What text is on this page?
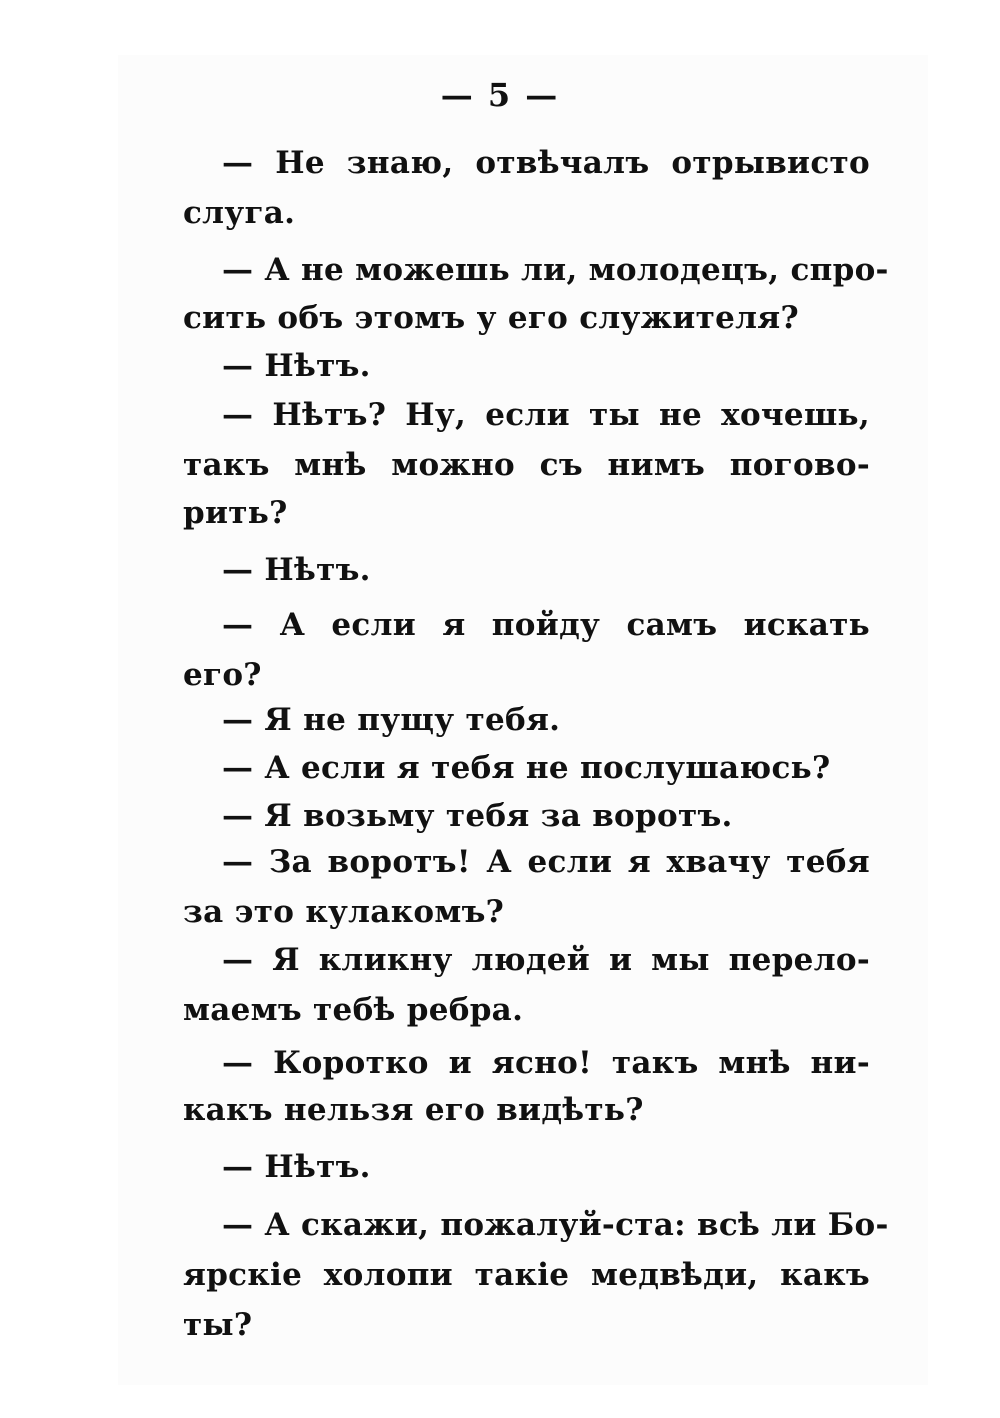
— 5 —
— Не знаю, отвѣчалъ отрывисто
слуга.
— А не можешь ли, молодецъ, спро-
сить объ этомъ у его служителя?
— Нѣтъ.
— Нѣтъ? Ну, если ты не хочешь,
такъ мнѣ можно съ нимъ погово-
рить?
— Нѣтъ.
— А если я пойду самъ искать
его?
— Я не пущу тебя.
— А если я тебя не послушаюсь?
— Я возьму тебя за воротъ.
— За воротъ! А если я хвачу тебя
за это кулакомъ?
— Я кликну людей и мы перело-
маемъ тебѣ ребра.
— Коротко и ясно! такъ мнѣ ни-
какъ нельзя его видѣть?
— Нѣтъ.
— А скажи, пожалуй-ста: всѣ ли Бо-
ярскіе холопи такіе медвѣди, какъ
ты?
